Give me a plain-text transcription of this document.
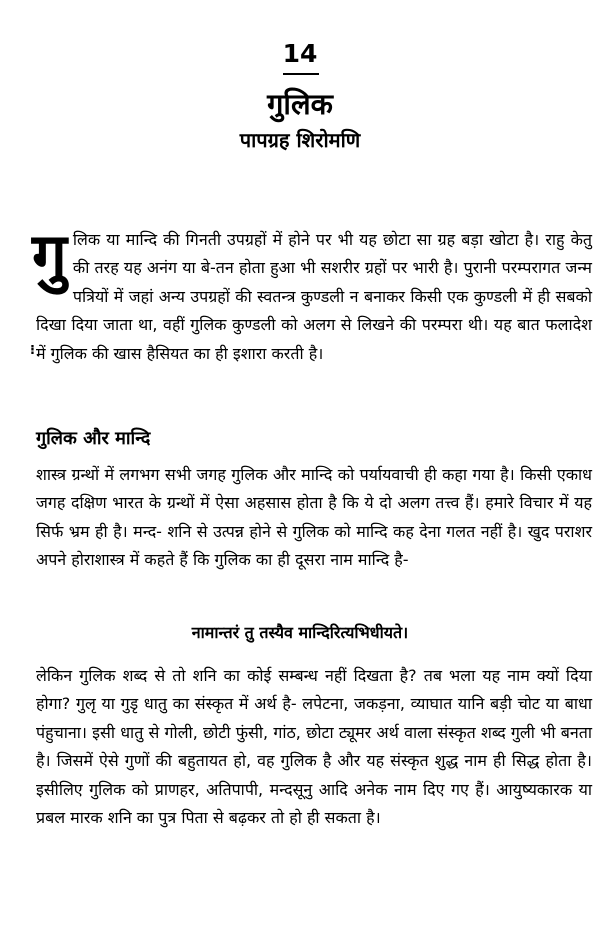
14
गुलिक
पापग्रह शिरोमणि
गुलिक या मान्दि की गिनती उपग्रहों में होने पर भी यह छोटा सा ग्रह बड़ा खोटा है। राहु केतु की तरह यह अनंग या बे-तन होता हुआ भी सशरीर ग्रहों पर भारी है। पुरानी परम्परागत जन्म पत्रियों में जहां अन्य उपग्रहों की स्वतन्त्र कुण्डली न बनाकर किसी एक कुण्डली में ही सबको दिखा दिया जाता था, वहीं गुलिक कुण्डली को अलग से लिखने की परम्परा थी। यह बात फलादेश में गुलिक की खास हैसियत का ही इशारा करती है।
⁝
गुलिक और मान्दि
शास्त्र ग्रन्थों में लगभग सभी जगह गुलिक और मान्दि को पर्यायवाची ही कहा गया है। किसी एकाध जगह दक्षिण भारत के ग्रन्थों में ऐसा अहसास होता है कि ये दो अलग तत्त्व हैं। हमारे विचार में यह सिर्फ भ्रम ही है। मन्द- शनि से उत्पन्न होने से गुलिक को मान्दि कह देना गलत नहीं है। खुद पराशर अपने होराशास्त्र में कहते हैं कि गुलिक का ही दूसरा नाम मान्दि है-
नामान्तरं तु तस्यैव मान्दिरित्यभिधीयते।
लेकिन गुलिक शब्द से तो शनि का कोई सम्बन्ध नहीं दिखता है? तब भला यह नाम क्यों दिया होगा? गुलृ या गुडृ धातु का संस्कृत में अर्थ है- लपेटना, जकड़ना, व्याघात यानि बड़ी चोट या बाधा पंहुचाना। इसी धातु से गोली, छोटी फुंसी, गांठ, छोटा ट्यूमर अर्थ वाला संस्कृत शब्द गुली भी बनता है। जिसमें ऐसे गुणों की बहुतायत हो, वह गुलिक है और यह संस्कृत शुद्ध नाम ही सिद्ध होता है। इसीलिए गुलिक को प्राणहर, अतिपापी, मन्दसूनु आदि अनेक नाम दिए गए हैं। आयुष्यकारक या प्रबल मारक शनि का पुत्र पिता से बढ़कर तो हो ही सकता है।
